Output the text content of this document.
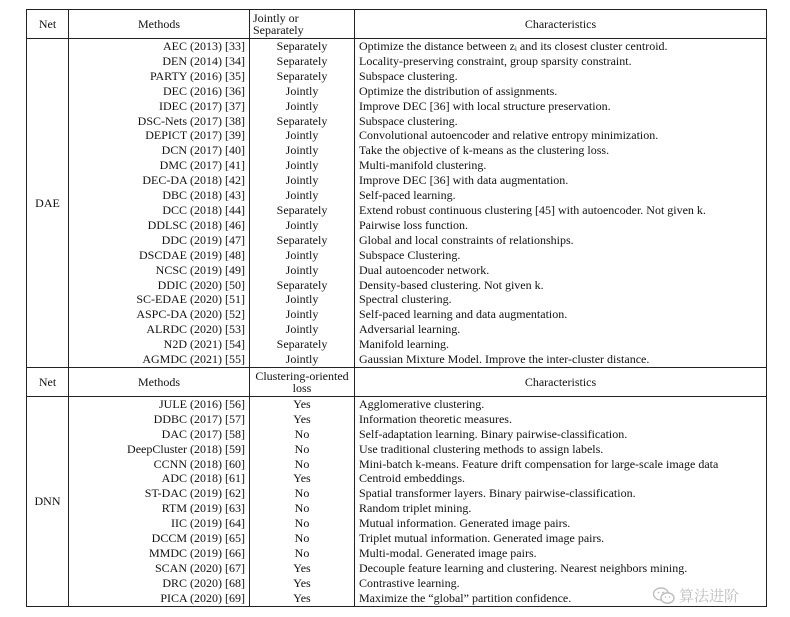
Net	Methods	Jointly or Separately	Characteristics
DAE	AEC (2013) [33]	Separately	Optimize the distance between zᵢ and its closest cluster centroid.
	DEN (2014) [34]	Separately	Locality-preserving constraint, group sparsity constraint.
	PARTY (2016) [35]	Separately	Subspace clustering.
	DEC (2016) [36]	Jointly	Optimize the distribution of assignments.
	IDEC (2017) [37]	Jointly	Improve DEC [36] with local structure preservation.
	DSC-Nets (2017) [38]	Separately	Subspace clustering.
	DEPICT (2017) [39]	Jointly	Convolutional autoencoder and relative entropy minimization.
	DCN (2017) [40]	Jointly	Take the objective of k-means as the clustering loss.
	DMC (2017) [41]	Jointly	Multi-manifold clustering.
	DEC-DA (2018) [42]	Jointly	Improve DEC [36] with data augmentation.
	DBC (2018) [43]	Jointly	Self-paced learning.
	DCC (2018) [44]	Separately	Extend robust continuous clustering [45] with autoencoder. Not given k.
	DDLSC (2018) [46]	Jointly	Pairwise loss function.
	DDC (2019) [47]	Separately	Global and local constraints of relationships.
	DSCDAE (2019) [48]	Jointly	Subspace Clustering.
	NCSC (2019) [49]	Jointly	Dual autoencoder network.
	DDIC (2020) [50]	Separately	Density-based clustering. Not given k.
	SC-EDAE (2020) [51]	Jointly	Spectral clustering.
	ASPC-DA (2020) [52]	Jointly	Self-paced learning and data augmentation.
	ALRDC (2020) [53]	Jointly	Adversarial learning.
	N2D (2021) [54]	Separately	Manifold learning.
	AGMDC (2021) [55]	Jointly	Gaussian Mixture Model. Improve the inter-cluster distance.
Net	Methods	Clustering-oriented loss	Characteristics
DNN	JULE (2016) [56]	Yes	Agglomerative clustering.
	DDBC (2017) [57]	Yes	Information theoretic measures.
	DAC (2017) [58]	No	Self-adaptation learning. Binary pairwise-classification.
	DeepCluster (2018) [59]	No	Use traditional clustering methods to assign labels.
	CCNN (2018) [60]	No	Mini-batch k-means. Feature drift compensation for large-scale image data
	ADC (2018) [61]	Yes	Centroid embeddings.
	ST-DAC (2019) [62]	No	Spatial transformer layers. Binary pairwise-classification.
	RTM (2019) [63]	No	Random triplet mining.
	IIC (2019) [64]	No	Mutual information. Generated image pairs.
	DCCM (2019) [65]	No	Triplet mutual information. Generated image pairs.
	MMDC (2019) [66]	No	Multi-modal. Generated image pairs.
	SCAN (2020) [67]	Yes	Decouple feature learning and clustering. Nearest neighbors mining.
	DRC (2020) [68]	Yes	Contrastive learning.
	PICA (2020) [69]	Yes	Maximize the “global” partition confidence.	算法进阶
